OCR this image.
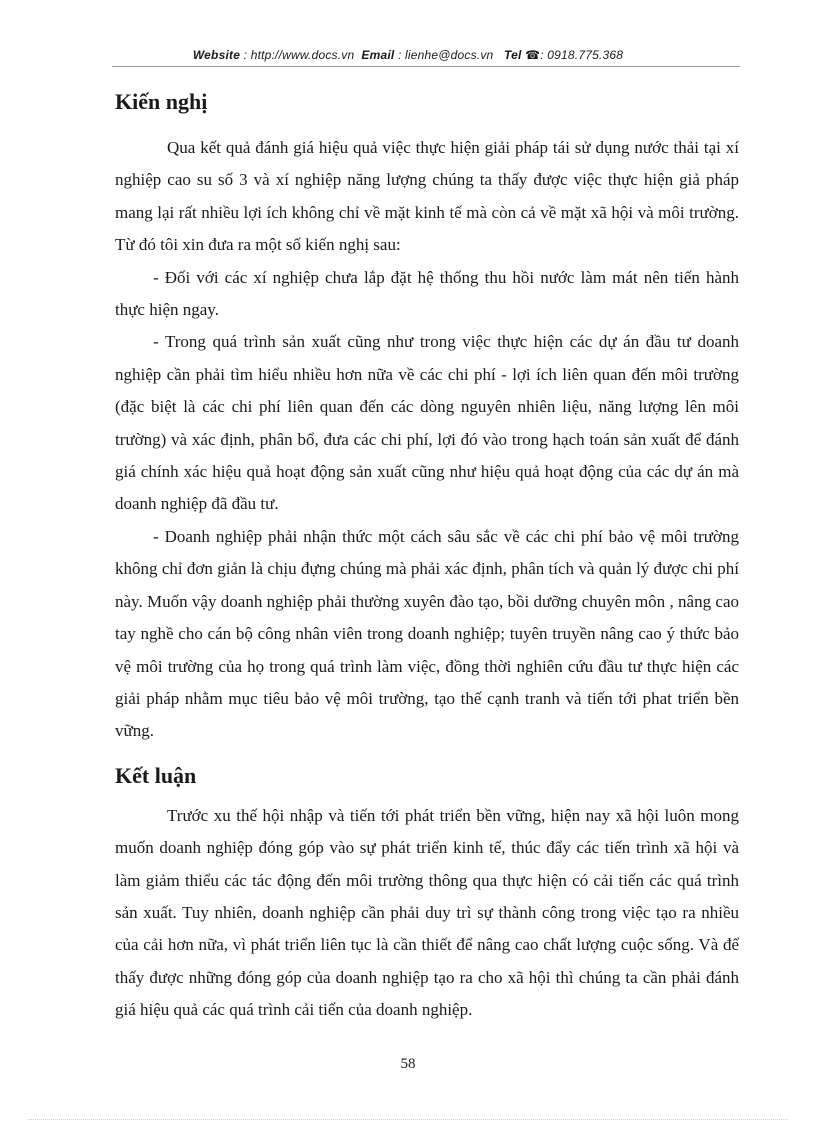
Website : http://www.docs.vn Email : lienhe@docs.vn Tel ☎: 0918.775.368
Kiến nghị

Qua kết quả đánh giá hiệu quả việc thực hiện giải pháp tái sử dụng nước thải tại xí nghiệp cao su số 3 và xí nghiệp năng lượng chúng ta thấy được việc thực hiện giả pháp mang lại rất nhiều lợi ích không chỉ về mặt kinh tế mà còn cả về mặt xã hội và môi trường. Từ đó tôi xin đưa ra một số kiến nghị sau:

- Đối với các xí nghiệp chưa lắp đặt hệ thống thu hồi nước làm mát nên tiến hành thực hiện ngay.

- Trong quá trình sản xuất cũng như trong việc thực hiện các dự án đầu tư doanh nghiệp cần phải tìm hiểu nhiều hơn nữa về các chi phí - lợi ích liên quan đến môi trường (đặc biệt là các chi phí liên quan đến các dòng nguyên nhiên liệu, năng lượng lên môi trường) và xác định, phân bổ, đưa các chi phí, lợi đó vào trong hạch toán sản xuất để đánh giá chính xác hiệu quả hoạt động sản xuất cũng như hiệu quả hoạt động của các dự án mà doanh nghiệp đã đầu tư.

- Doanh nghiệp phải nhận thức một cách sâu sắc về các chi phí bảo vệ môi trường không chỉ đơn giản là chịu đựng chúng mà phải xác định, phân tích và quản lý được chi phí này. Muốn vậy doanh nghiệp phải thường xuyên đào tạo, bồi dưỡng chuyên môn , nâng cao tay nghề cho cán bộ công nhân viên trong doanh nghiệp; tuyên truyền nâng cao ý thức bảo vệ môi trường của họ trong quá trình làm việc, đồng thời nghiên cứu đầu tư thực hiện các giải pháp nhằm mục tiêu bảo vệ môi trường, tạo thế cạnh tranh và tiến tới phat triển bền vững.

Kết luận

Trước xu thế hội nhập và tiến tới phát triển bền vững, hiện nay xã hội luôn mong muốn doanh nghiệp đóng góp vào sự phát triển kinh tế, thúc đẩy các tiến trình xã hội và làm giảm thiểu các tác động đến môi trường thông qua thực hiện có cải tiến các quá trình sản xuất. Tuy nhiên, doanh nghiệp cần phải duy trì sự thành công trong việc tạo ra nhiều của cải hơn nữa, vì phát triển liên tục là cần thiết để nâng cao chất lượng cuộc sống. Và để thấy được những đóng góp của doanh nghiệp tạo ra cho xã hội thì chúng ta cần phải đánh giá hiệu quả các quá trình cải tiến của doanh nghiệp.

58
